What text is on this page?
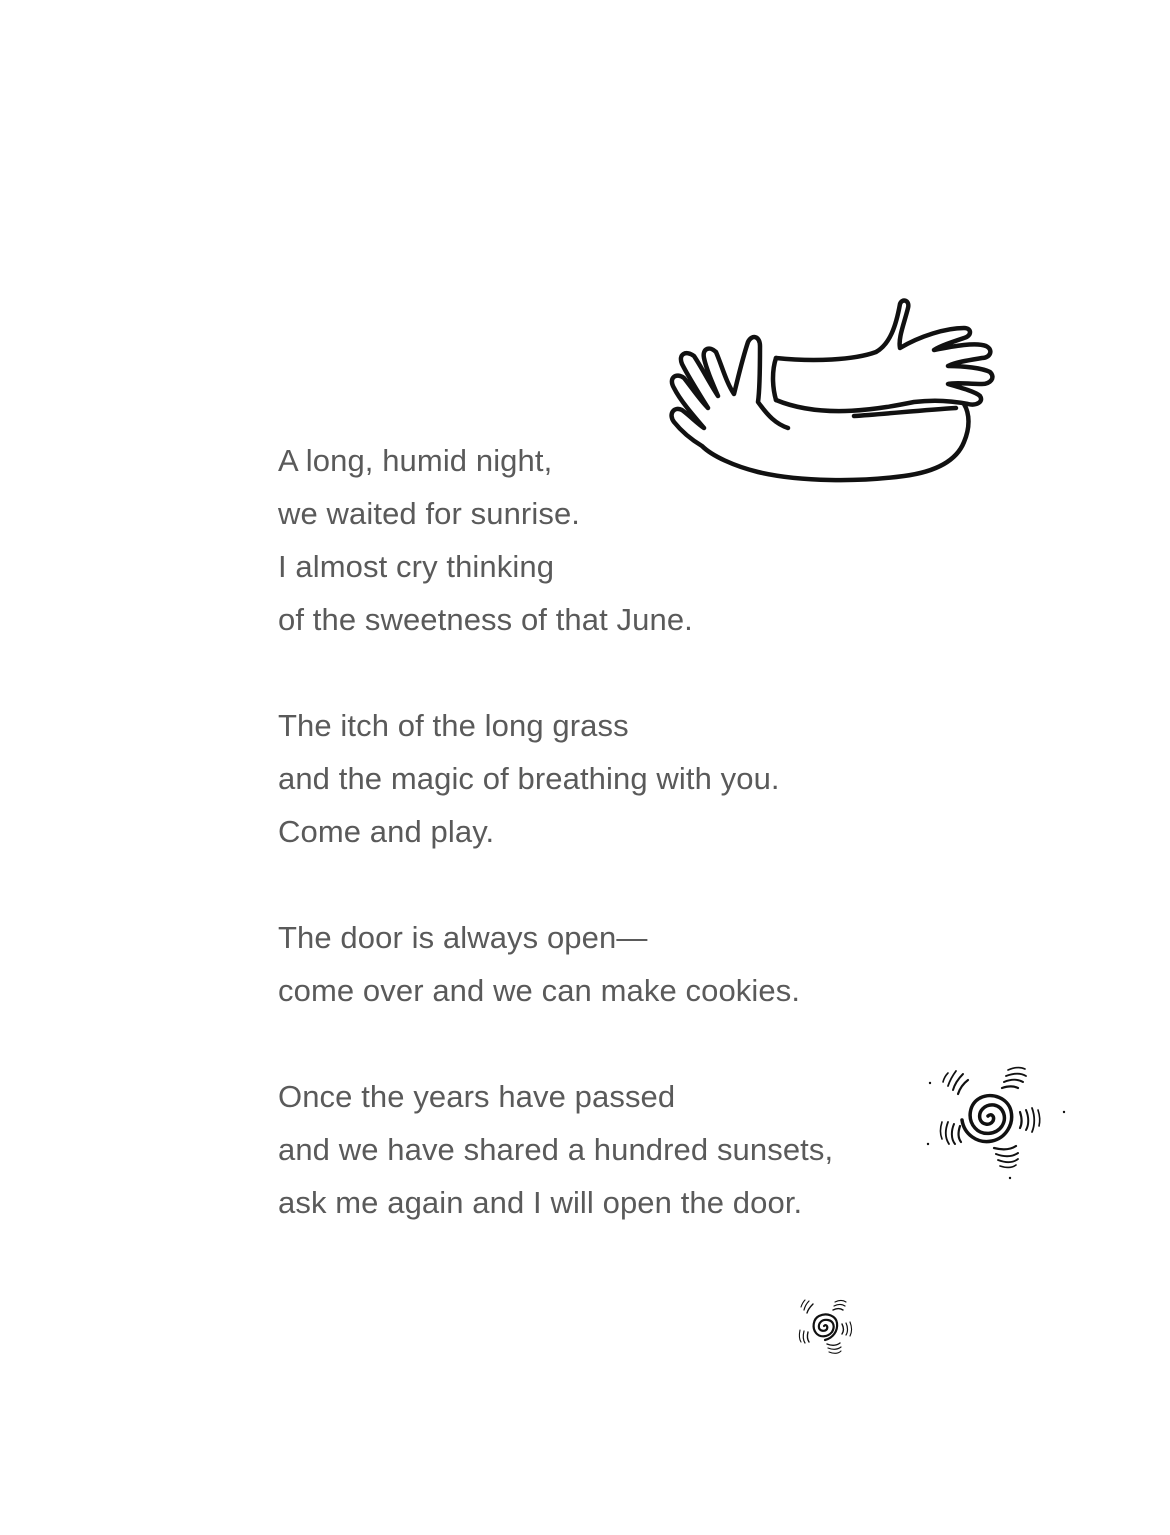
A long, humid night,
we waited for sunrise.
I almost cry thinking
of the sweetness of that June.
The itch of the long grass
and the magic of breathing with you.
Come and play.
The door is always open—
come over and we can make cookies.
Once the years have passed
and we have shared a hundred sunsets,
ask me again and I will open the door.
